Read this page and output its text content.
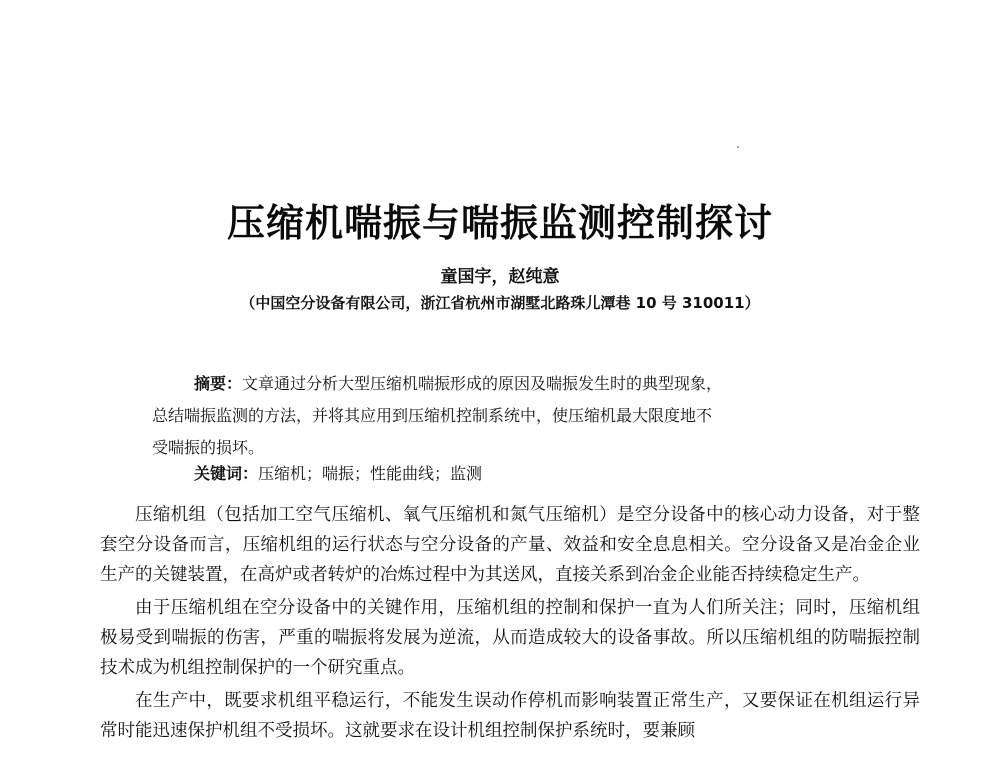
压缩机喘振与喘振监测控制探讨
童国宇，赵纯意
（中国空分设备有限公司，浙江省杭州市湖墅北路珠儿潭巷 10 号 310011）
摘要：文章通过分析大型压缩机喘振形成的原因及喘振发生时的典型现象，
总结喘振监测的方法，并将其应用到压缩机控制系统中，使压缩机最大限度地不
受喘振的损坏。
关键词：压缩机；喘振；性能曲线；监测

压缩机组（包括加工空气压缩机、氧气压缩机和氮气压缩机）是空分设备中的核心动力设备，对于整套空分设备而言，压缩机组的运行状态与空分设备的产量、效益和安全息息相关。空分设备又是冶金企业生产的关键装置，在高炉或者转炉的冶炼过程中为其送风，直接关系到冶金企业能否持续稳定生产。

由于压缩机组在空分设备中的关键作用，压缩机组的控制和保护一直为人们所关注；同时，压缩机组极易受到喘振的伤害，严重的喘振将发展为逆流，从而造成较大的设备事故。所以压缩机组的防喘振控制技术成为机组控制保护的一个研究重点。

在生产中，既要求机组平稳运行，不能发生误动作停机而影响装置正常生产，又要保证在机组运行异常时能迅速保护机组不受损坏。这就要求在设计机组控制保护系统时，要兼顾
